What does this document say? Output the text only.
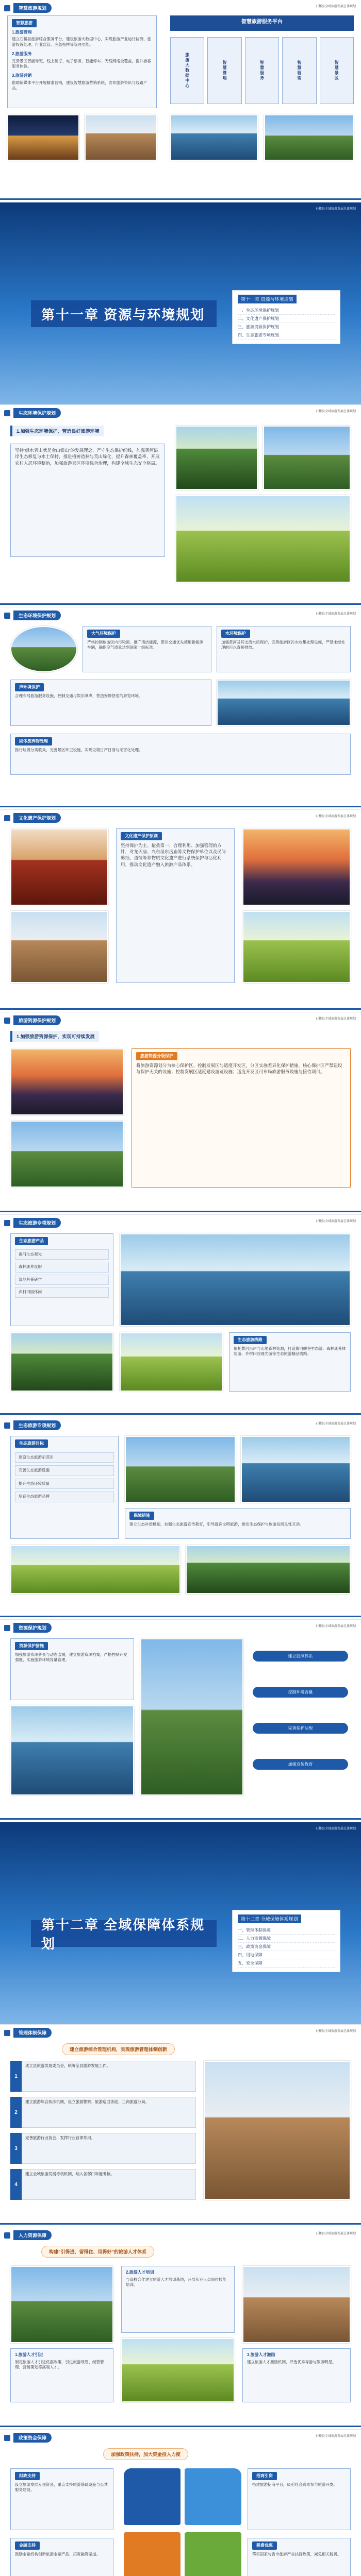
智慧旅游规划	石楼县全域旅游发展总体规划
智慧旅游
1.旅游管理
建立石楼县旅游综合服务平台，建设旅游大数据中心，实现旅游产业运行监测、旅游投诉处理、行业监管、应急指挥等管理功能。
2.旅游服务
完善景区智能导览、线上预订、电子票务、智能停车、无线网络全覆盖，提升游客服务体验。
3.旅游营销
借助新媒体平台开展精准营销，建设智慧旅游营销系统，发布旅游资讯与线路产品。
智慧旅游服务平台
旅游大数据中心	智慧管理	智慧服务	智慧营销	智慧景区
石楼县全域旅游发展总体规划
第十一章 资源与环境规划
第十一章 资源与环境规划
一、生态环境保护规划
二、文化遗产保护规划
三、旅游资源保护规划
四、生态旅游专项规划
生态环境保护规划	石楼县全域旅游发展总体规划
1.加强生态环境保护，营造良好旅游环境
坚持“绿水青山就是金山银山”的发展理念，严守生态保护红线，加强黄河沿岸生态修复与水土保持，推进植树造林与荒山绿化，提升森林覆盖率，开展农村人居环境整治，加强旅游景区环境综合治理，构建全域生态安全格局。
生态环境保护规划	石楼县全域旅游发展总体规划
大气环境保护
严格控制旅游区内污染源，推广清洁能源，景区交通优先使用新能源车辆，确保空气质量达到国家一级标准。
水环境保护
加强黄河及其支流水质保护，完善旅游区污水收集处理设施，严禁未经处理的污水直接排放。
声环境保护
合理布局旅游服务设施，控制交通与娱乐噪声，营造安静舒适的游览环境。
固体废弃物处理
推行垃圾分类收集，完善景区环卫设施，实现垃圾日产日清与无害化处理。
文化遗产保护规划	石楼县全域旅游发展总体规划
文化遗产保护原则
坚持保护为主、抢救第一、合理利用、加强管理的方针，对龙天庙、兴东垣东岳庙等文物保护单位以及民间剪纸、道情等非物质文化遗产进行系统保护与活化利用，推动文化遗产融入旅游产品体系。
旅游资源保护规划	石楼县全域旅游发展总体规划
1.加强旅游资源保护，实现可持续发展
旅游资源分级保护
将旅游资源划分为核心保护区、控制发展区与适度开发区，分区实施差异化保护措施，核心保护区严禁建设与保护无关的设施；控制发展区适度建设游览设施；适度开发区可布局旅游服务设施与接待项目。
生态旅游专项规划	石楼县全域旅游发展总体规划
生态旅游产品
黄河生态观光
森林康养度假
湿地科普研学
乡村田园休闲
生态旅游线路
依托黄河沿岸与山地森林资源，打造黄河峡谷生态游、森林康养体验游、乡村田园观光游等生态旅游精品线路。
生态旅游专项规划	石楼县全域旅游发展总体规划
生态旅游目标
建设生态旅游示范区
完善生态旅游设施
提升生态环境质量
培育生态旅游品牌
保障措施
建立生态补偿机制，加强生态旅游宣传教育，引导游客文明旅游，推动生态保护与旅游发展良性互动。
资源保护规划	石楼县全域旅游发展总体规划
资源保护措施
加强旅游资源普查与动态监测，建立旅游资源档案，严格控制开发强度，实施旅游环境容量管理。
建立监测体系
控制环境容量
完善保护法规
加强宣传教育
石楼县全域旅游发展总体规划
第十二章 全域保障体系规划
第十二章 全域保障体系规划
一、管理体制保障
二、人力资源保障
三、政策资金保障
四、用地保障
五、安全保障
管理体制保障	石楼县全域旅游发展总体规划
建立旅游综合管理机构，实现旅游管理体制创新
1
成立县旅游发展委员会，统筹全县旅游发展工作。
2
建立旅游综合执法机制，设立旅游警察、旅游巡回法庭、工商旅游分局。
3
完善旅游行业协会，发挥行业自律作用。
4
建立全域旅游发展考核机制，纳入各部门年度考核。
人力资源保障	石楼县全域旅游发展总体规划
构建“引得进、留得住、用得好”的旅游人才体系
1.旅游人才引进
制定旅游人才引进优惠政策，引进旅游规划、经营管理、营销策划等高端人才。
2.旅游人才培训
与高校合作建立旅游人才培训基地，开展从业人员岗位技能培训。
3.旅游人才激励
建立旅游人才激励机制，评选优秀导游与服务明星。
政策资金保障	石楼县全域旅游发展总体规划
加强政策扶持，加大资金投入力度
财政支持
设立旅游发展专项资金，重点支持旅游基础设施与公共服务建设。
金融支持
鼓励金融机构创新旅游金融产品，拓宽融资渠道。
招商引资
搭建旅游招商平台，吸引社会资本参与旅游开发。
税费优惠
落实国家与省市旅游产业扶持政策，减免相关税费。
